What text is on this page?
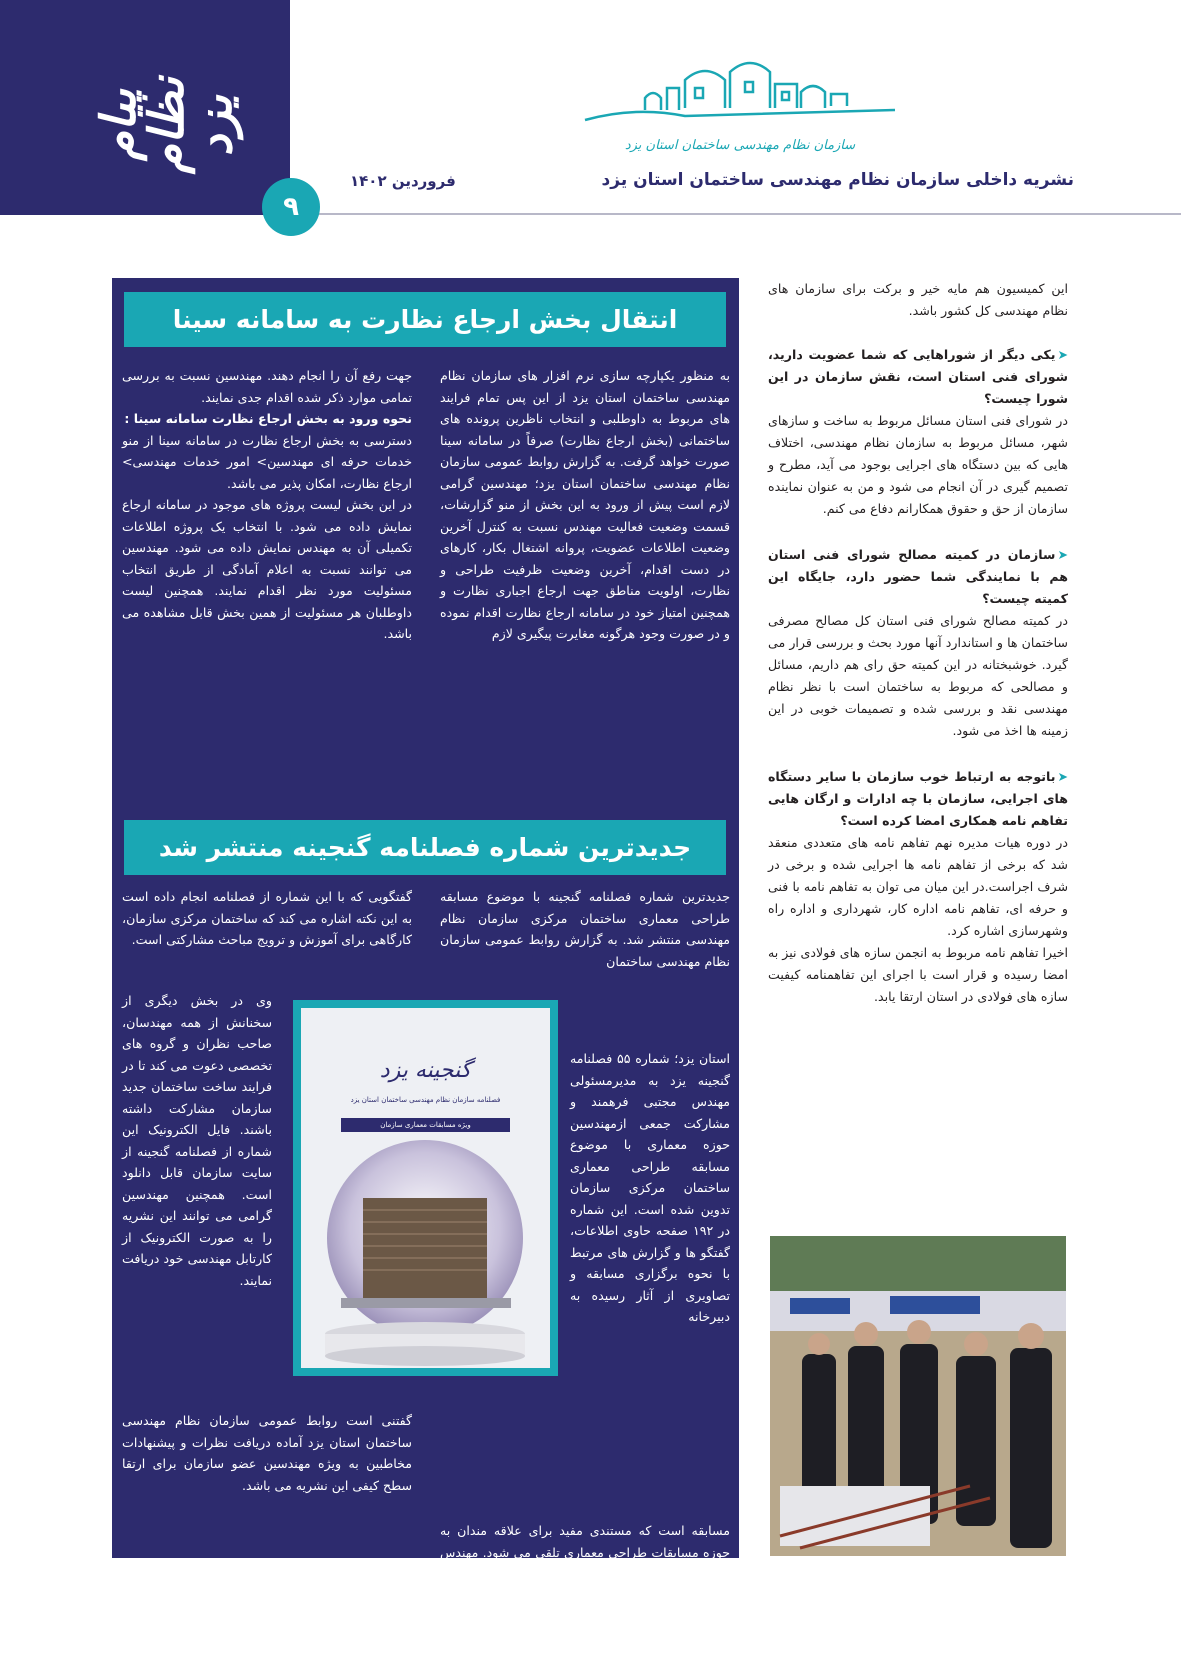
پیام نظام یزد
۹
سازمان نظام مهندسی ساختمان استان یزد
نشریه داخلی سازمان نظام مهندسی ساختمان استان یزد
فروردین ۱۴۰۲

این کمیسیون هم مایه خیر و برکت برای سازمان های نظام مهندسی کل کشور باشد.

➤یکی دیگر از شوراهایی که شما عضویت دارید، شورای فنی استان است، نقش سازمان در این شورا چیست؟

در شورای فنی استان مسائل مربوط به ساخت و سازهای شهر، مسائل مربوط به سازمان نظام مهندسی، اختلاف هایی که بین دستگاه های اجرایی بوجود می آید، مطرح و تصمیم گیری در آن انجام می شود و من به عنوان نماینده سازمان از حق و حقوق همکارانم دفاع می کنم.

➤سازمان در کمیته مصالح شورای فنی استان هم با نمایندگی شما حضور دارد، جایگاه این کمیته چیست؟

در کمیته مصالح شورای فنی استان کل مصالح مصرفی ساختمان ها و استاندارد آنها مورد بحث و بررسی قرار می گیرد. خوشبختانه در این کمیته حق رای هم داریم، مسائل و مصالحی که مربوط به ساختمان است با نظر نظام مهندسی نقد و بررسی شده و تصمیمات خوبی در این زمینه ها اخذ می شود.

➤باتوجه به ارتباط خوب سازمان با سایر دستگاه های اجرایی، سازمان با چه ادارات و ارگان هایی تفاهم نامه همکاری امضا کرده است؟

در دوره هیات مدیره نهم تفاهم نامه های متعددی منعقد شد که برخی از تفاهم نامه ها اجرایی شده و برخی در شرف اجراست.در این میان می توان به تفاهم نامه با فنی و حرفه ای، تفاهم نامه اداره کار، شهرداری و اداره راه وشهرسازی اشاره کرد.

اخیرا تفاهم نامه مربوط به انجمن سازه های فولادی نیز به امضا رسیده و قرار است با اجرای این تفاهمنامه کیفیت سازه های فولادی در استان ارتقا یابد.

انتقال بخش ارجاع نظارت به سامانه سینا
به منظور یکپارچه سازی نرم افزار های سازمان نظام مهندسی ساختمان استان یزد از این پس تمام فرایند های مربوط به داوطلبی و انتخاب ناظرین پرونده های ساختمانی (بخش ارجاع نظارت) صرفاً در سامانه سینا صورت خواهد گرفت. به گزارش روابط عمومی سازمان نظام مهندسی ساختمان استان یزد؛ مهندسین گرامی لازم است پیش از ورود به این بخش از منو گزارشات، قسمت وضعیت فعالیت مهندس نسبت به کنترل آخرین وضعیت اطلاعات عضویت، پروانه اشتغال بکار، کارهای در دست اقدام، آخرین وضعیت ظرفیت طراحی و نظارت، اولویت مناطق جهت ارجاع اجباری نظارت و همچنین امتیاز خود در سامانه ارجاع نظارت اقدام نموده و در صورت وجود هرگونه مغایرت پیگیری لازم
جهت رفع آن را انجام دهند. مهندسین نسبت به بررسی تمامی موارد ذکر شده اقدام جدی نمایند.
نحوه ورود به بخش ارجاع نظارت سامانه سینا :
دسترسی به بخش ارجاع نظارت در سامانه سینا از منو خدمات حرفه ای مهندسین> امور خدمات مهندسی> ارجاع نظارت، امکان پذیر می باشد.
در این بخش لیست پروژه های موجود در سامانه ارجاع نمایش داده می شود. با انتخاب یک پروژه اطلاعات تکمیلی آن به مهندس نمایش داده می شود. مهندسین می توانند نسبت به اعلام آمادگی از طریق انتخاب مسئولیت مورد نظر اقدام نمایند. همچنین لیست داوطلبان هر مسئولیت از همین بخش قابل مشاهده می باشد.
جدیدترین شماره فصلنامه گنجینه منتشر شد
جدیدترین شماره فصلنامه گنجینه با موضوع مسابقه طراحی معماری ساختمان مرکزی سازمان نظام مهندسی منتشر شد. به گزارش روابط عمومی سازمان نظام مهندسی ساختمان
استان یزد؛ شماره ۵۵ فصلنامه گنجینه یزد به مدیرمسئولی مهندس مجتبی فرهمند و مشارکت جمعی ازمهندسین حوزه معماری با موضوع مسابقه طراحی معماری ساختمان مرکزی سازمان تدوین شده است. این شماره در ۱۹۲ صفحه حاوی اطلاعات، گفتگو ها و گزارش های مرتبط با نحوه برگزاری مسابقه و تصاویری از آثار رسیده به دبیرخانه
مسابقه است که مستندی مفید برای علاقه مندان به حوزه مسابقات طراحی معماری تلقی می شود. مهندس فرهمند، رئیس سازمان نظام مهندسی ساختمان استان یزد دربخشی از
گفتگویی که با این شماره از فصلنامه انجام داده است به این نکته اشاره می کند که ساختمان مرکزی سازمان، کارگاهی برای آموزش و ترویج مباحث مشارکتی است.
وی در بخش دیگری از سخنانش از همه مهندسان، صاحب نظران و گروه های تخصصی دعوت می کند تا در فرایند ساخت ساختمان جدید سازمان مشارکت داشته باشند. فایل الکترونیک این شماره از فصلنامه گنجینه از سایت سازمان قابل دانلود است. همچنین مهندسین گرامی می توانند این نشریه را به صورت الکترونیک از کارتابل مهندسی خود دریافت نمایند.
گفتنی است روابط عمومی سازمان نظام مهندسی ساختمان استان یزد آماده دریافت نظرات و پیشنهادات مخاطبین به ویژه مهندسین عضو سازمان برای ارتقا سطح کیفی این نشریه می باشد.
گنجینه یزد
فصلنامه سازمان نظام مهندسی ساختمان استان یزد
ویژه مسابقات معماری سازمان
